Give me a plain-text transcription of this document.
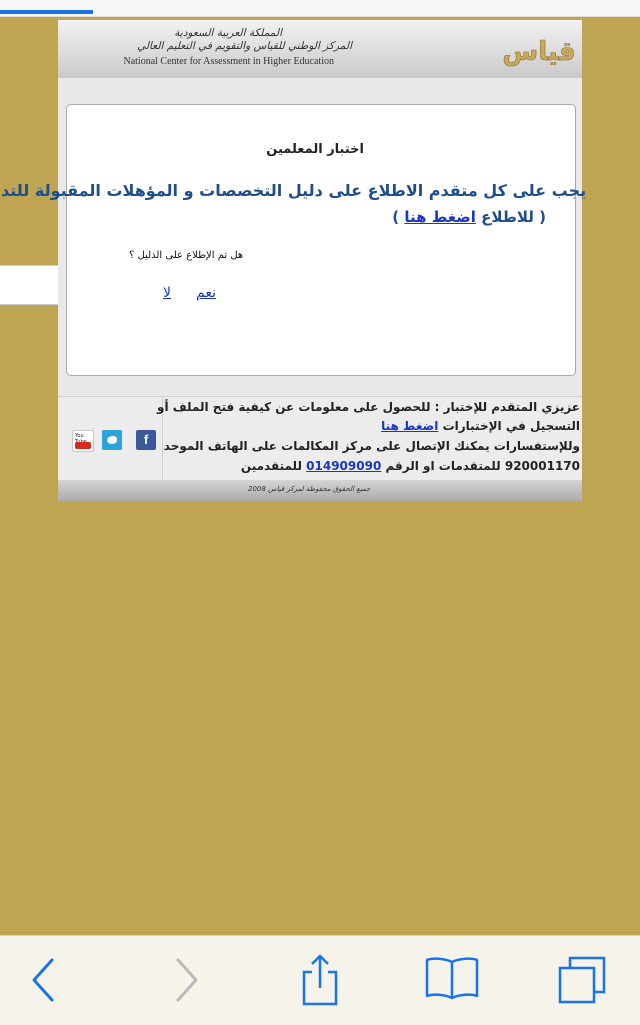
المملكة العربية السعودية
المركز الوطني للقياس والتقويم في التعليم العالي
National Center for Assessment in Higher Education	قياس
اختبار المعلمين
يجب على كل متقدم الاطلاع على دليل التخصصات و المؤهلات المقبولة للتد
( للاطلاع اضغط هنا )
هل تم الإطلاع على الدليل ؟
نعم
لا
You	f
عزيزي المتقدم للإختبار : للحصول على معلومات عن كيفية فتح الملف أو
التسجيل في الإختبارات اضغط هنا
وللإستفسارات يمكنك الإتصال على مركز المكالمات على الهاتف الموحد
920001170 للمتقدمات او الرقم 014909090 للمتقدمين
جميع الحقوق محفوظة لمركز قياس 2008
